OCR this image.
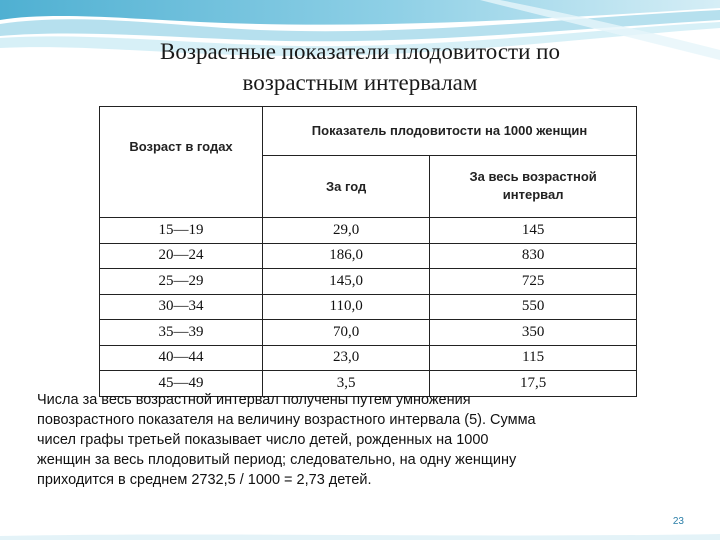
Возрастные показатели плодовитости по
возрастным интервалам
Возраст в годах	Показатель плодовитости на 1000 женщин	
	За год	За весь возрастной интервал
15—19	29,0	145
20—24	186,0	830
25—29	145,0	725
30—34	110,0	550
35—39	70,0	350
40—44	23,0	115
45—49	3,5	17,5
Числа за весь возрастной интервал получены путем умножения
повозрастного показателя на величину возрастного интервала (5). Сумма
чисел графы третьей показывает число детей, рожденных на 1000
женщин за весь плодовитый период; следовательно, на одну женщину
приходится в среднем 2732,5 / 1000 = 2,73 детей.
23
